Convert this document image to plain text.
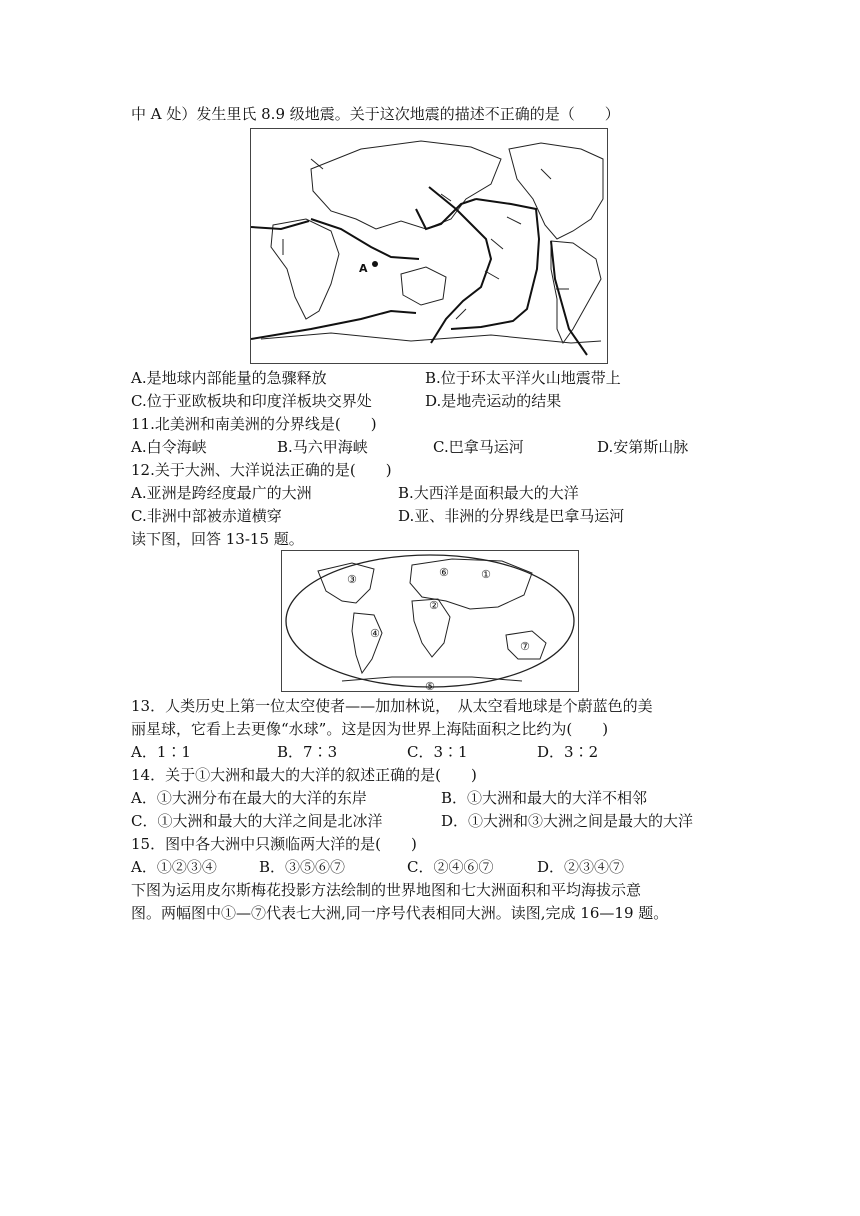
中 A 处）发生里氏 8.9 级地震。关于这次地震的描述不正确的是（　　）
A

A.是地球内部能量的急骤释放

	B.位于环太平洋火山地震带上

C.位于亚欧板块和印度洋板块交界处

	D.是地壳运动的结果

11.北美洲和南美洲的分界线是(　　)

A.白令海峡

	B.马六甲海峡

	C.巴拿马运河

	D.安第斯山脉

12.关于大洲、大洋说法正确的是(　　)

A.亚洲是跨经度最广的大洲

	B.大西洋是面积最大的大洋

C.非洲中部被赤道横穿

	D.亚、非洲的分界线是巴拿马运河

读下图，回答 13-15 题。
①
②
③
④
⑤
⑥
⑦
13．人类历史上第一位太空使者——加加林说，　从太空看地球是个蔚蓝色的美
丽星球，它看上去更像“水球”。这是因为世界上海陆面积之比约为(　　)

A．1∶1

	B．7∶3

	C．3∶1

	D．3∶2

14．关于①大洲和最大的大洋的叙述正确的是(　　)

A．①大洲分布在最大的大洋的东岸

	B．①大洲和最大的大洋不相邻

C．①大洲和最大的大洋之间是北冰洋

	D．①大洲和③大洲之间是最大的大洋

15．图中各大洲中只濒临两大洋的是(　　)

A．①②③④

	B．③⑤⑥⑦

	C．②④⑥⑦

	D．②③④⑦

下图为运用皮尔斯梅花投影方法绘制的世界地图和七大洲面积和平均海拔示意
图。两幅图中①—⑦代表七大洲,同一序号代表相同大洲。读图,完成 16—19 题。
